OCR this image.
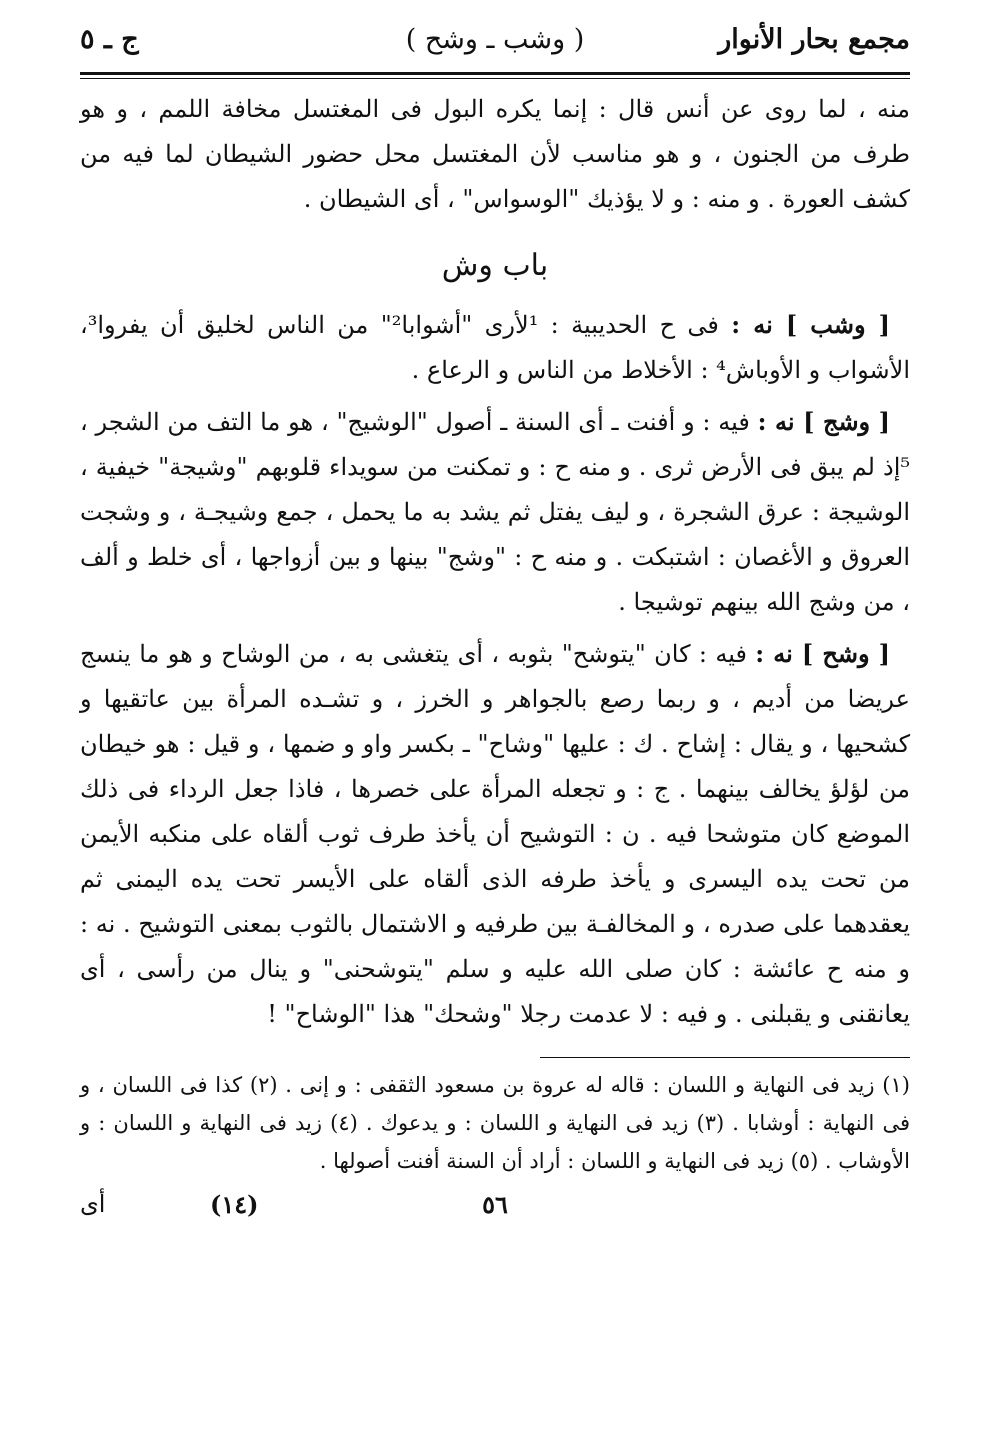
مجمع بحار الأنوار
( وشب ـ وشح )
ج ـ ٥

منه ، لما روى عن أنس قال : إنما يكره البول فى المغتسل مخافة اللمم ، و هو طرف من الجنون ، و هو مناسب لأن المغتسل محل حضور الشيطان لما فيه من كشف العورة . و منه : و لا يؤذيك "الوسواس" ، أى الشيطان .

باب وش

[ وشب ] نه : فى ح الحديبية : ¹لأرى "أشوابا²" من الناس لخليق أن يفروا³، الأشواب و الأوباش⁴ : الأخلاط من الناس و الرعاع .

[ وشج ] نه : فيه : و أفنت ـ أى السنة ـ أصول "الوشيج" ، هو ما التف من الشجر ، ⁵إذ لم يبق فى الأرض ثرى . و منه ح : و تمكنت من سويداء قلوبهم "وشيجة" خيفية ، الوشيجة : عرق الشجرة ، و ليف يفتل ثم يشد به ما يحمل ، جمع وشيجـة ، و وشجت العروق و الأغصان : اشتبكت . و منه ح : "وشج" بينها و بين أزواجها ، أى خلط و ألف ، من وشج الله بينهم توشيجا .

[ وشح ] نه : فيه : كان "يتوشح" بثوبه ، أى يتغشى به ، من الوشاح و هو ما ينسج عريضا من أديم ، و ربما رصع بالجواهر و الخرز ، و تشـده المرأة بين عاتقيها و كشحيها ، و يقال : إشاح . ك : عليها "وشاح" ـ بكسر واو و ضمها ، و قيل : هو خيطان من لؤلؤ يخالف بينهما . ج : و تجعله المرأة على خصرها ، فاذا جعل الرداء فى ذلك الموضع كان متوشحا فيه . ن : التوشيح أن يأخذ طرف ثوب ألقاه على منكبه الأيمن من تحت يده اليسرى و يأخذ طرفه الذى ألقاه على الأيسر تحت يده اليمنى ثم يعقدهما على صدره ، و المخالفـة بين طرفيه و الاشتمال بالثوب بمعنى التوشيح . نه : و منه ح عائشة : كان صلى الله عليه و سلم "يتوشحنى" و ينال من رأسى ، أى يعانقنى و يقبلنى . و فيه : لا عدمت رجلا "وشحك" هذا "الوشاح" !

(١) زيد فى النهاية و اللسان : قاله له عروة بن مسعود الثقفى : و إنى . (٢) كذا فى اللسان ، و فى النهاية : أوشابا . (٣) زيد فى النهاية و اللسان : و يدعوك . (٤) زيد فى النهاية و اللسان : و الأوشاب . (٥) زيد فى النهاية و اللسان : أراد أن السنة أفنت أصولها .

٥٦
(١٤)
أى
